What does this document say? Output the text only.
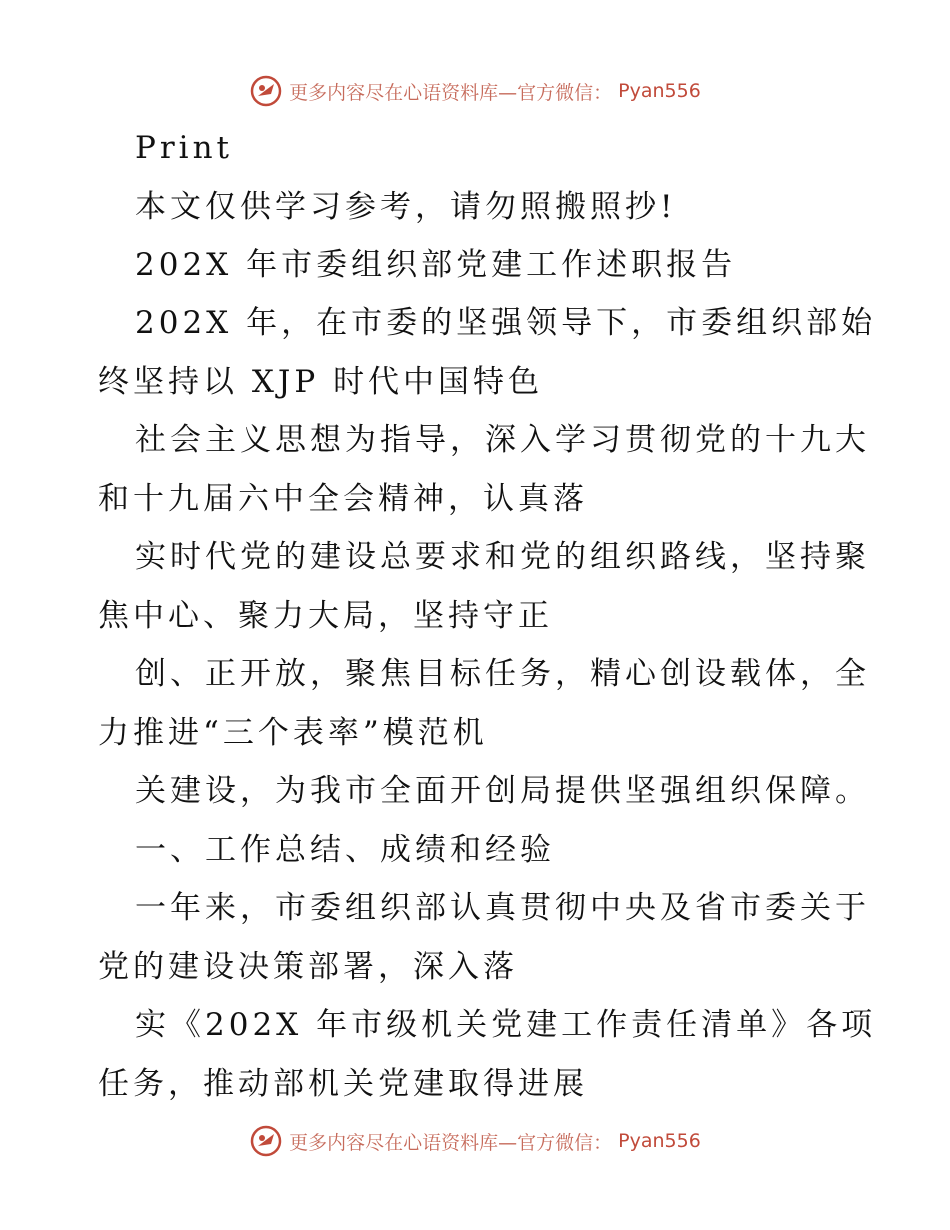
更多内容尽在心语资料库—官方微信： Pyan556
Print
本文仅供学习参考，请勿照搬照抄!
202X 年市委组织部党建工作述职报告
202X 年，在市委的坚强领导下，市委组织部始
终坚持以 XJP 时代中国特色
社会主义思想为指导，深入学习贯彻党的十九大
和十九届六中全会精神，认真落
实时代党的建设总要求和党的组织路线，坚持聚
焦中心、聚力大局，坚持守正
创、正开放，聚焦目标任务，精心创设载体，全
力推进“三个表率”模范机
关建设，为我市全面开创局提供坚强组织保障。
一、工作总结、成绩和经验
一年来，市委组织部认真贯彻中央及省市委关于
党的建设决策部署，深入落
实《202X 年市级机关党建工作责任清单》各项
任务，推动部机关党建取得进展
更多内容尽在心语资料库—官方微信： Pyan556
